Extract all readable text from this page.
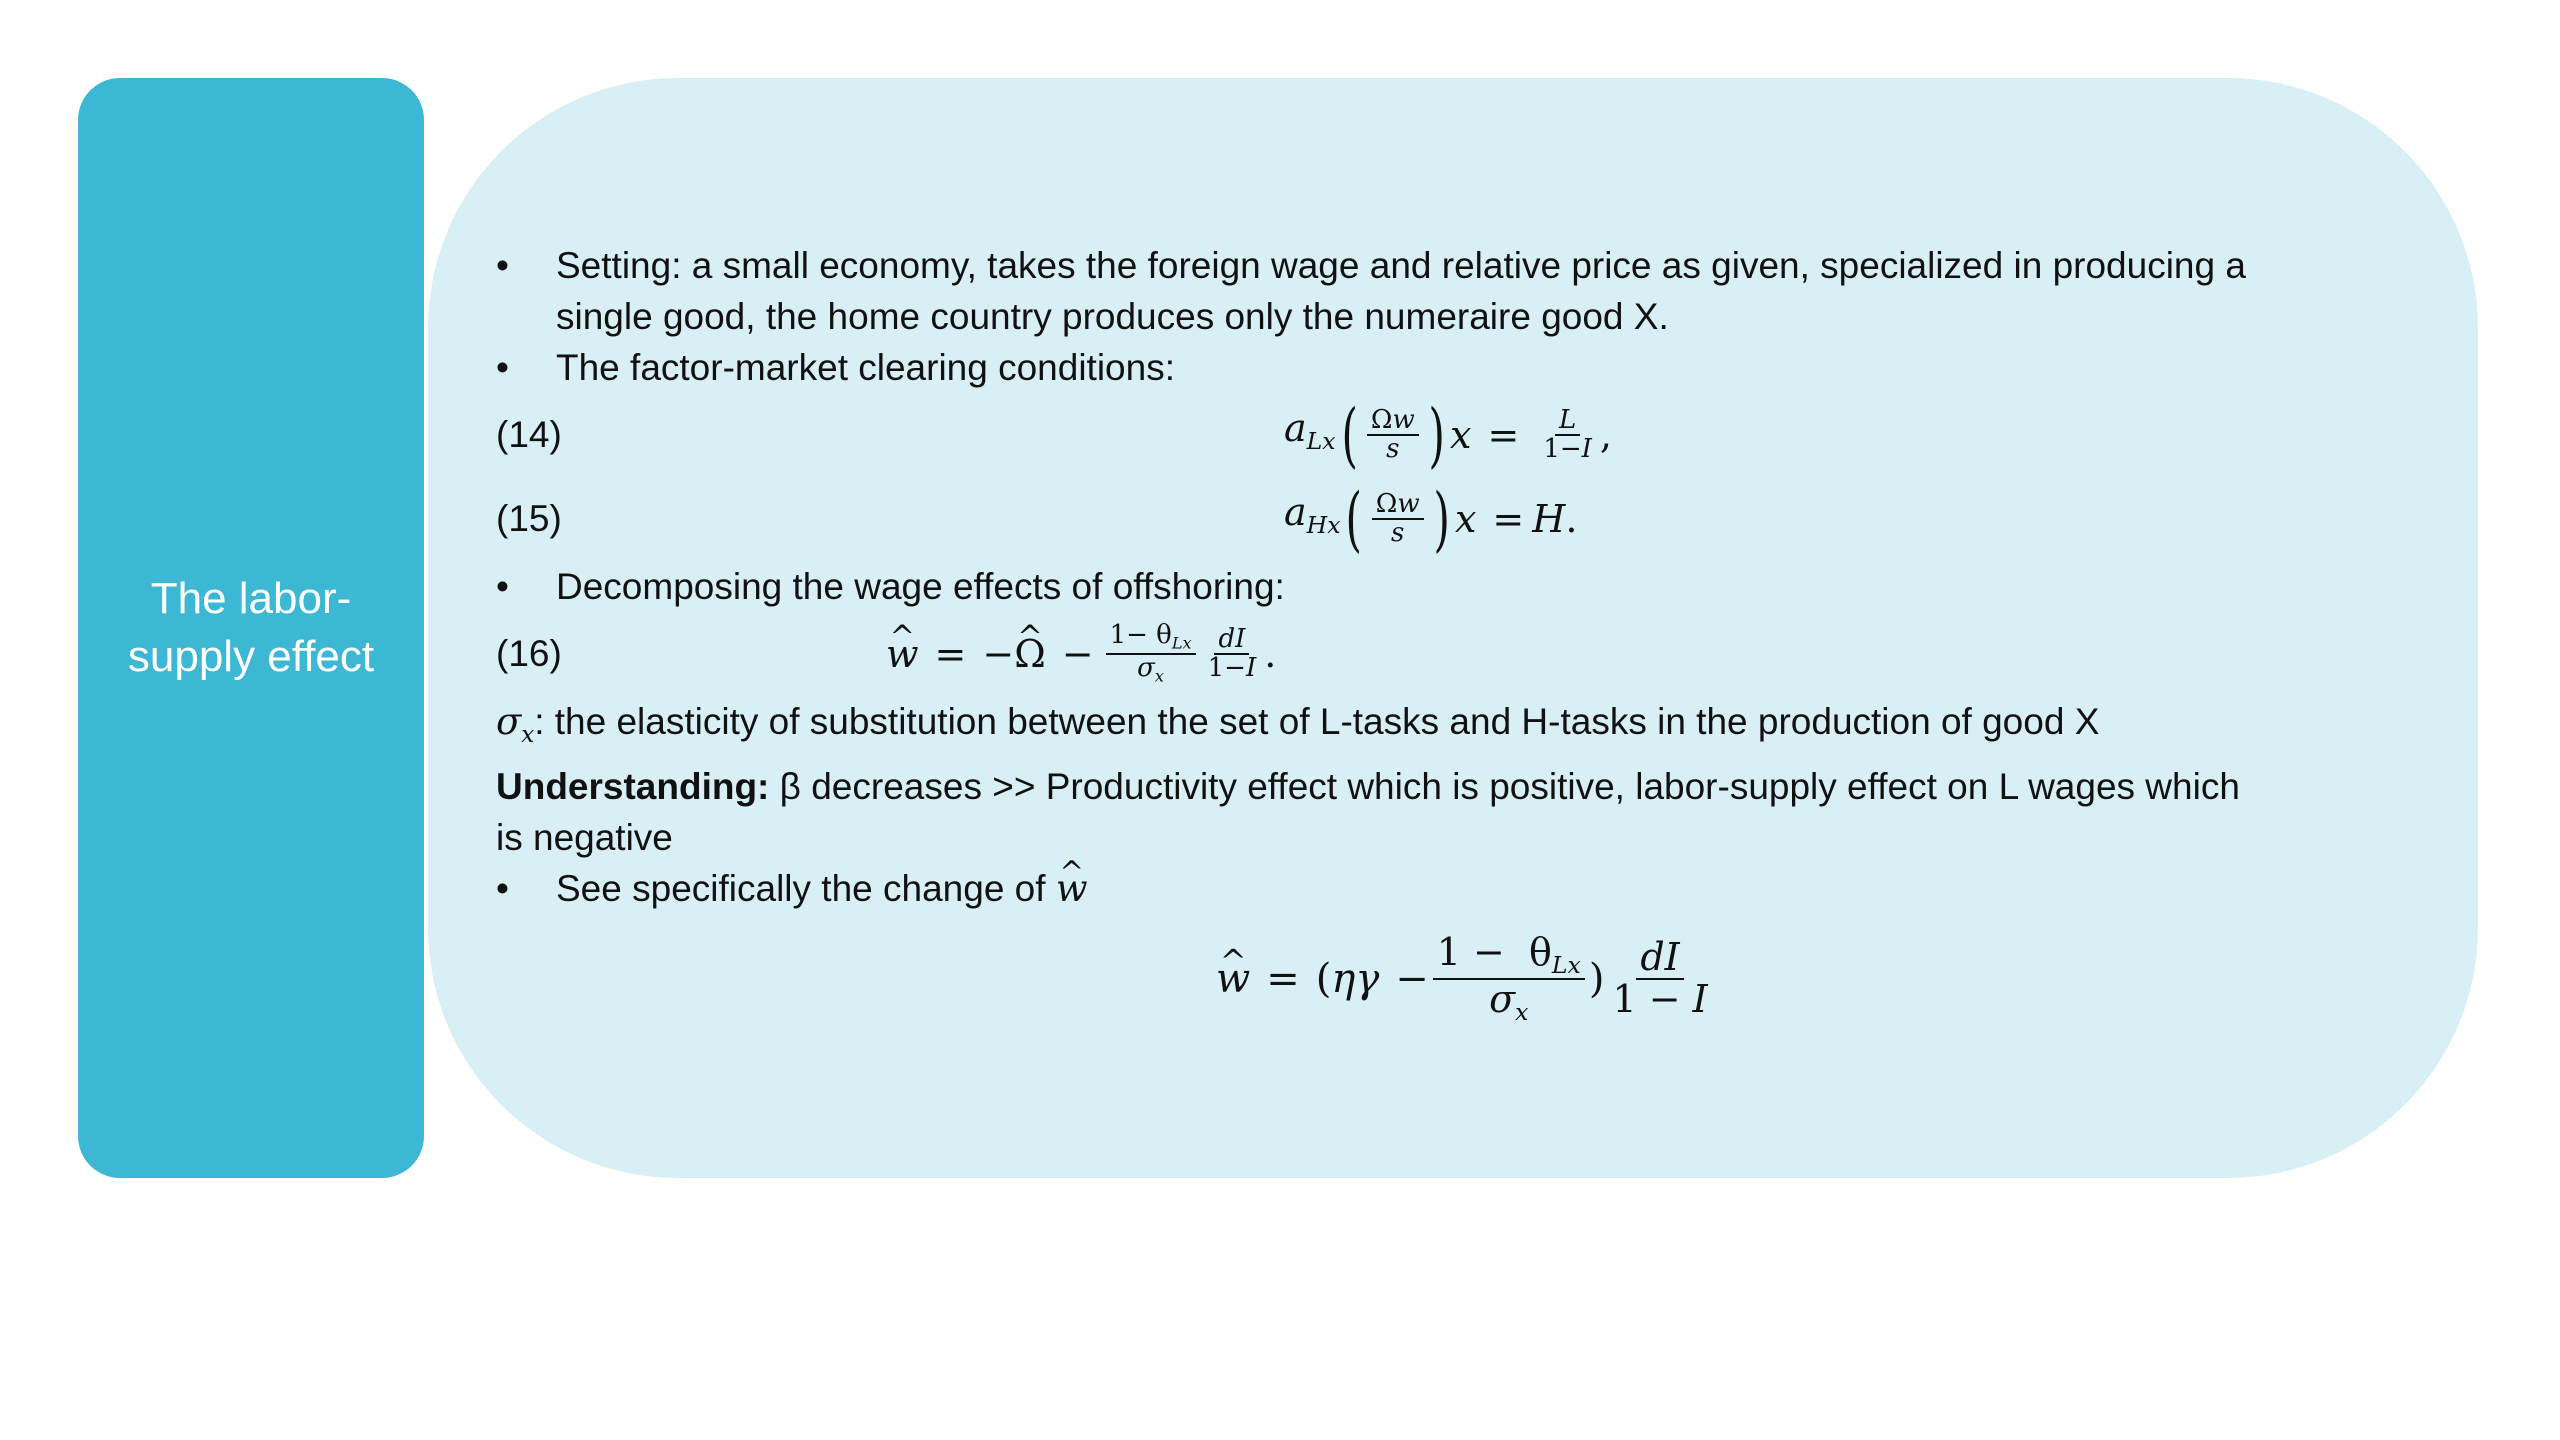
The labor-
supply effect
• Setting: a small economy, takes the foreign wage and relative price as given, specialized in producing a
single good, the home country produces only the numeraire good X.
• The factor-market clearing conditions:
(14)	$a_{Lx}$ ( $\frac{\Omega w}{s}$ ) $x = \frac{L}{1-I}$ ,
(15)	$a_{Hx}$ ( $\frac{\Omega w}{s}$ ) x = H .
• Decomposing the wage effects of offshoring:
(16)	^ w = − ^ $\Omega - \frac{1- \theta_{Lx}}{\sigma_x} \frac{dI}{1-I}$ .
$\sigma_x$: the elasticity of substitution between the set of L-tasks and H-tasks in the production of good X
Understanding: β decreases >> Productivity effect which is positive, labor-supply effect on L wages which
is negative
• See specifically the change of ^ w
^ w = ( $\eta\gamma - \frac{1 - \theta_{Lx}}{\sigma_x}$ ) $\frac{dI}{1 - I}$
